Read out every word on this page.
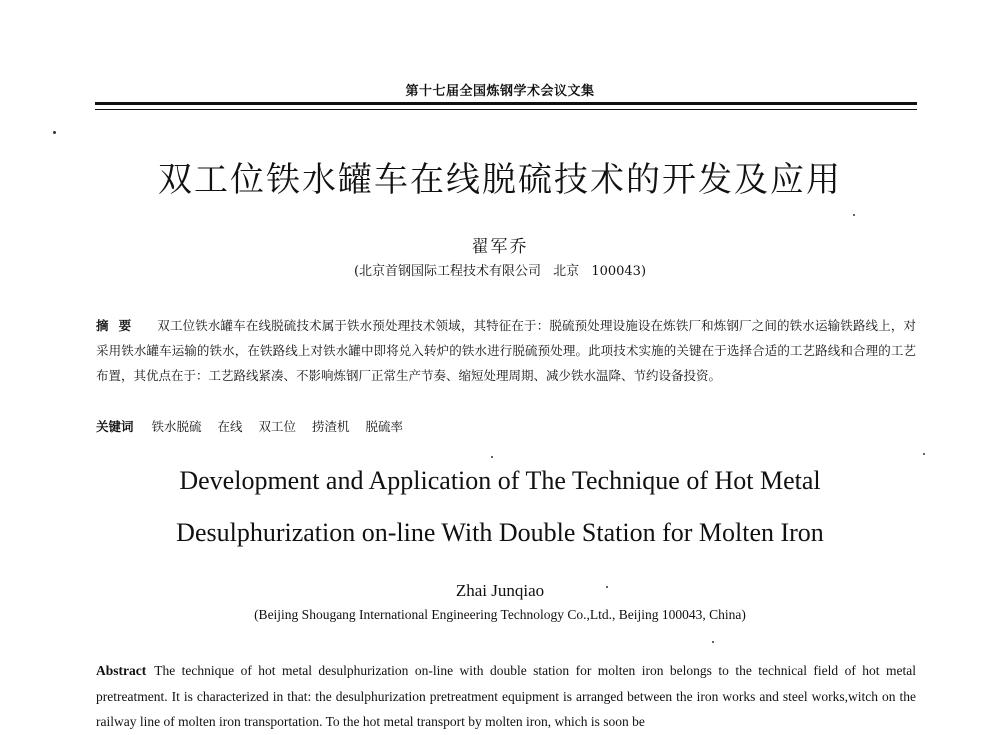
第十七届全国炼钢学术会议文集
双工位铁水罐车在线脱硫技术的开发及应用
翟军乔
(北京首钢国际工程技术有限公司 北京 100043)
摘要 双工位铁水罐车在线脱硫技术属于铁水预处理技术领域，其特征在于：脱硫预处理设施设在炼铁厂和炼钢厂之间的铁水运输铁路线上，对采用铁水罐车运输的铁水，在铁路线上对铁水罐中即将兑入转炉的铁水进行脱硫预处理。此项技术实施的关键在于选择合适的工艺路线和合理的工艺布置，其优点在于：工艺路线紧凑、不影响炼钢厂正常生产节奏、缩短处理周期、减少铁水温降、节约设备投资。
关键词 铁水脱硫 在线 双工位 捞渣机 脱硫率
Development and Application of The Technique of Hot Metal
Desulphurization on-line With Double Station for Molten Iron
Zhai Junqiao
(Beijing Shougang International Engineering Technology Co.,Ltd., Beijing 100043, China)
Abstract The technique of hot metal desulphurization on-line with double station for molten iron belongs to the technical field of hot metal pretreatment. It is characterized in that: the desulphurization pretreatment equipment is arranged between the iron works and steel works,witch on the railway line of molten iron transportation. To the hot metal transport by molten iron, which is soon be
